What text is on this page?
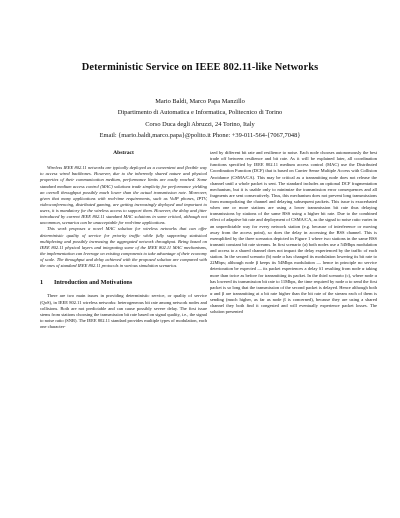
Deterministic Service on IEEE 802.11-like Networks
Mario Baldi, Marco Papa Manzillo
Dipartimento di Automatica e Informatica, Politecnico di Torino
Corso Duca degli Abruzzi, 24 Torino, Italy
Email: {mario.baldi,marco.papa}@polito.it Phone: +39-011-564-{7067,7048}
Abstract

Wireless IEEE 802.11 networks are typically deployed as a convenient and flexible way to access wired backbones. However, due to the inherently shared nature and physical properties of their communication medium, performance limits are easily reached. Some standard medium access control (MAC) solutions trade simplicity for performance yielding an overall throughput possibly much lower than the actual transmission rate. Moreover, given that many applications with real-time requirements, such as VoIP phones, IPTV, videoconferencing, distributed gaming, are getting increasingly deployed and important to users, it is mandatory for the wireless access to support them. However, the delay and jitter introduced by current IEEE 802.11 standard MAC solutions in some critical, although not uncommon, scenarios can be unacceptable for real-time applications.

This work proposes a novel MAC solution for wireless networks that can offer deterministic quality of service for priority traffic while fully supporting statistical multiplexing and possibly increasing the aggregated network throughput. Being based on IEEE 802.11 physical layers and integrating some of the IEEE 802.11 MAC mechanisms, the implementation can leverage on existing components to take advantage of their economy of scale. The throughput and delay achieved with the proposed solution are compared with the ones of standard IEEE 802.11 protocols in various simulation scenarios.

1 Introduction and Motivations

There are two main issues in providing deterministic service, or quality of service (QoS), in IEEE 802.11 wireless networks: heterogeneous bit rate among network nodes and collisions. Both are not predictable and can cause possibly severe delay. The first issue stems from stations choosing the transmission bit rate based on signal quality, i.e., the signal to noise ratio (SNR). The IEEE 802.11 standard provides multiple types of modulation, each one character-

ized by different bit rate and resilience to noise. Each node chooses autonomously the best trade off between resilience and bit rate. As it will be explained later, all coordination functions specified by IEEE 802.11 medium access control (MAC) use the Distributed Coordination Function (DCF) that is based on Carrier Sense Multiple Access with Collision Avoidance (CSMA/CA). This may be critical as a transmitting node does not release the channel until a whole packet is sent. The standard includes an optional DCF fragmentation mechanism, but it is usable only to minimize the transmission error consequences and all fragments are sent consecutively. Thus, this mechanism does not prevent long transmissions from monopolizing the channel and delaying subsequent packets. This issue is exacerbated when one or more stations are using a lower transmission bit rate thus delaying transmissions by stations of the same BSS using a higher bit rate. Due to the combined effect of adaptive bit rate and deployment of CSMA/CA, as the signal to noise ratio varies in an unpredictable way for every network station (e.g. because of interference or moving away from the access point), so does the delay in accessing the BSS channel. This is exemplified by the three scenarios depicted in Figure 1 where two stations in the same BSS transmit constant bit rate streams. In first scenario (a) both nodes use a 54Mbps modulation and access to a shared channel does not impact the delay experienced by the traffic of each station. In the second scenario (b) node α has changed its modulation lowering its bit rate to 22Mbps; although node β keeps its 54Mbps modulation — hence in principle no service deterioration be expected — its packet experiences a delay δ1 resulting from node α taking more than twice as before for transmitting its packet. In the third scenario (c), where node α has lowered its transmission bit rate to 11Mbps, the time required by node α to send the first packet is so long that the transmission of the second packet is delayed. Hence although both α and β are transmitting at a bit rate higher than the bit rate of the stream each of them is sending (much higher, as far as node β is concerned), because they are using a shared channel they both find it congested and will eventually experience packet losses. The solution presented
